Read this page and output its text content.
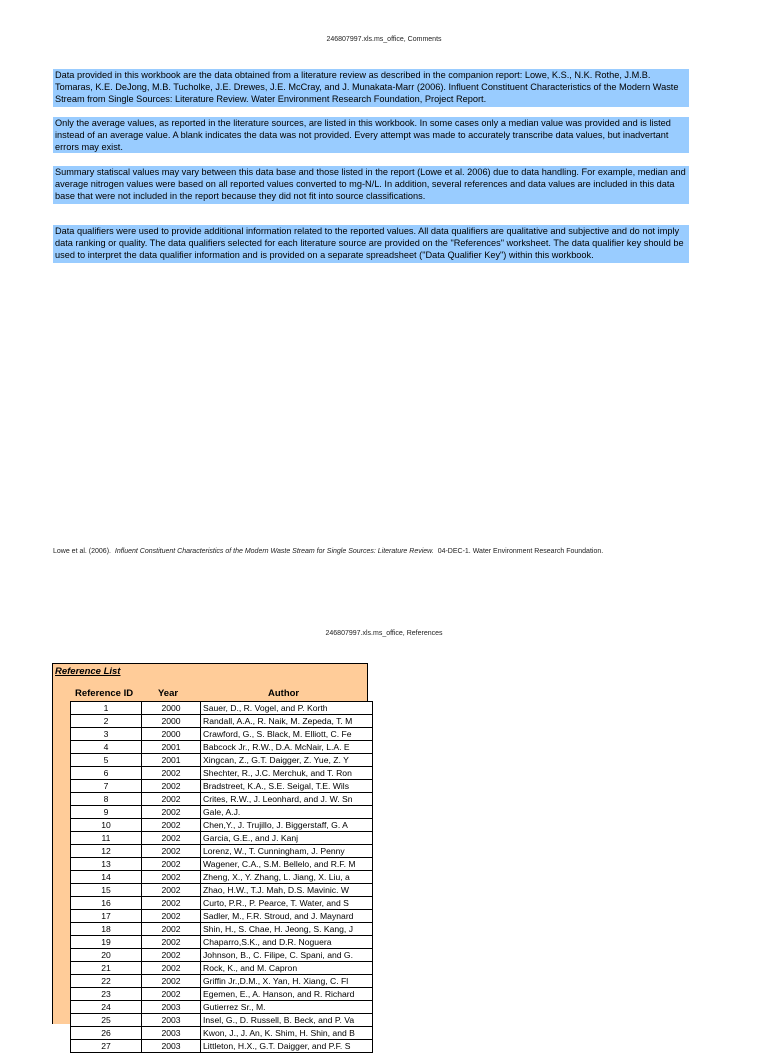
246807997.xls.ms_office, Comments
Data provided in this workbook are the data obtained from a literature review as described in the companion report: Lowe, K.S., N.K. Rothe, J.M.B. Tomaras, K.E. DeJong, M.B. Tucholke, J.E. Drewes, J.E. McCray, and J. Munakata-Marr (2006). Influent Constituent Characteristics of the Modern Waste Stream from Single Sources: Literature Review. Water Environment Research Foundation, Project Report.
Only the average values, as reported in the literature sources, are listed in this workbook. In some cases only a median value was provided and is listed instead of an average value. A blank indicates the data was not provided. Every attempt was made to accurately transcribe data values, but inadvertant errors may exist.
Summary statiscal values may vary between this data base and those listed in the report (Lowe et al. 2006) due to data handling. For example, median and average nitrogen values were based on all reported values converted to mg-N/L. In addition, several references and data values are included in this data base that were not included in the report because they did not fit into source classifications.
Data qualifiers were used to provide additional information related to the reported values. All data qualifiers are qualitative and subjective and do not imply data ranking or quality. The data qualifiers selected for each literature source are provided on the "References" worksheet. The data qualifier key should be used to interpret the data qualifier information and is provided on a separate spreadsheet ("Data Qualifier Key") within this workbook.
Lowe et al. (2006). Influent Constituent Characteristics of the Modern Waste Stream for Single Sources: Literature Review. 04-DEC-1. Water Environment Research Foundation.
246807997.xls.ms_office, References
Reference List
Reference ID	Year	Author
1	2000	Sauer, D., R. Vogel, and P. Korth
2	2000	Randall, A.A., R. Naik, M. Zepeda, T. M
3	2000	Crawford, G., S. Black, M. Elliott, C. Fe
4	2001	Babcock Jr., R.W., D.A. McNair, L.A. E
5	2001	Xingcan, Z., G.T. Daigger, Z. Yue, Z. Y
6	2002	Shechter, R., J.C. Merchuk, and T. Ron
7	2002	Bradstreet, K.A., S.E. Seigal, T.E. Wils
8	2002	Crites, R.W., J. Leonhard, and J. W. Sn
9	2002	Gale, A.J.
10	2002	Chen,Y., J. Trujillo, J. Biggerstaff, G. A
11	2002	Garcia, G.E., and J. Kanj
12	2002	Lorenz, W., T. Cunningham, J. Penny
13	2002	Wagener, C.A., S.M. Bellelo, and R.F. M
14	2002	Zheng, X., Y. Zhang, L. Jiang, X. Liu, a
15	2002	Zhao, H.W., T.J. Mah, D.S. Mavinic. W
16	2002	Curto, P.R., P. Pearce, T. Water, and S
17	2002	Sadler, M., F.R. Stroud, and J. Maynard
18	2002	Shin, H., S. Chae, H. Jeong, S. Kang, J
19	2002	Chaparro,S.K., and D.R. Noguera
20	2002	Johnson, B., C. Filipe, C. Spani, and G.
21	2002	Rock, K., and M. Capron
22	2002	Griffin Jr.,D.M., X. Yan, H. Xiang, C. Fl
23	2002	Egemen, E., A. Hanson, and R. Richard
24	2003	Gutierrez Sr., M.
25	2003	Insel, G., D. Russell, B. Beck, and P. Va
26	2003	Kwon, J., J. An, K. Shim, H. Shin, and B
27	2003	Littleton, H.X., G.T. Daigger, and P.F. S
